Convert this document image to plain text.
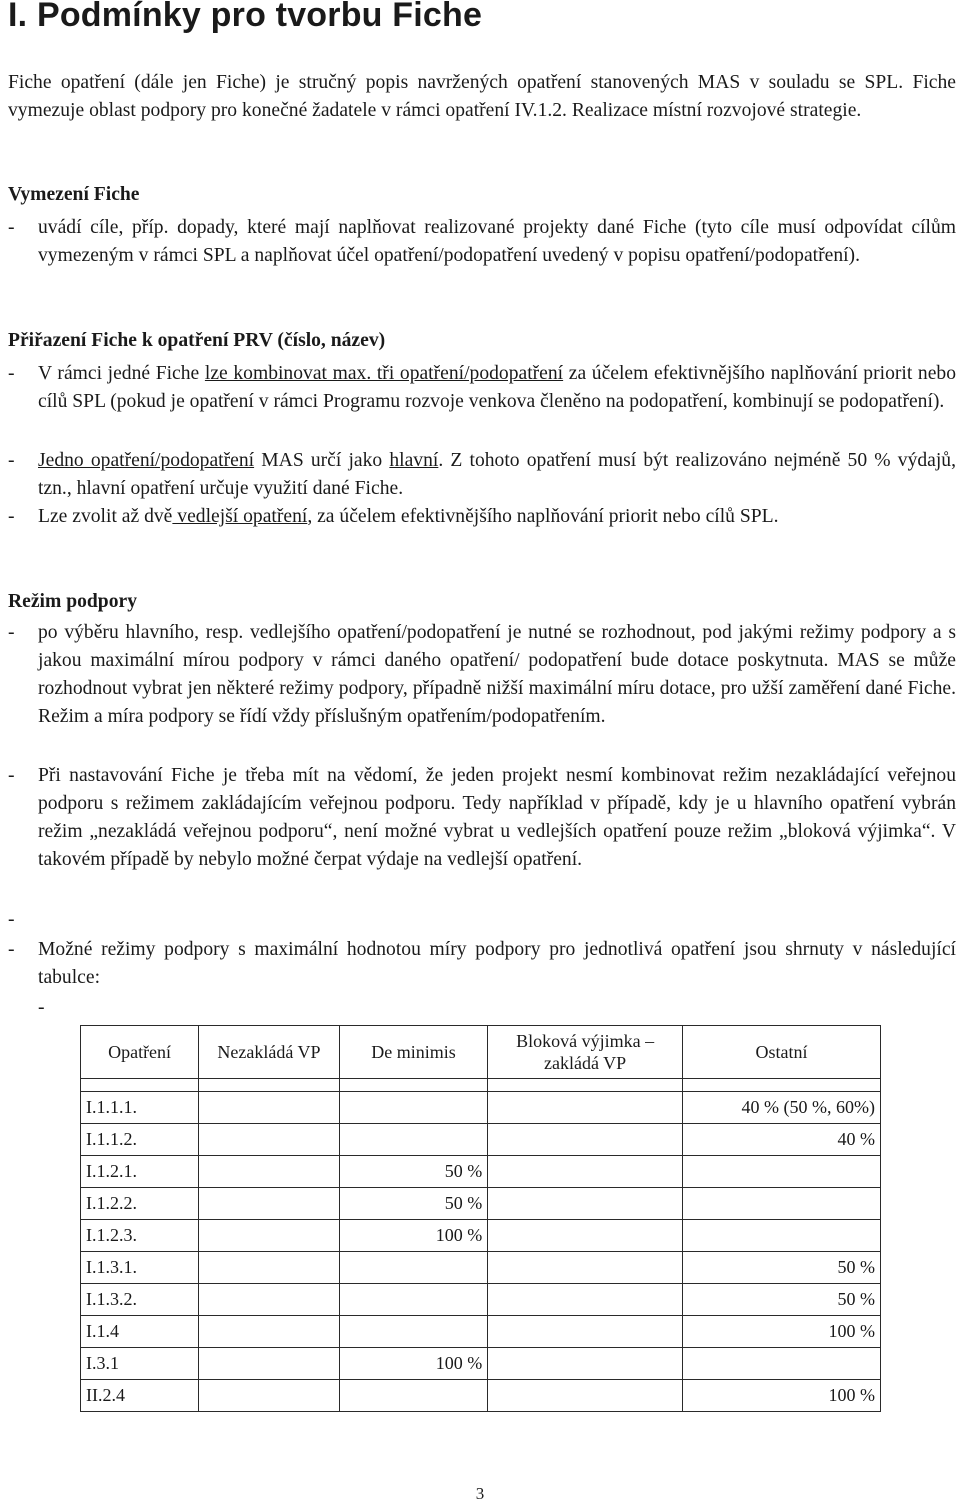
I. Podmínky pro tvorbu Fiche

Fiche opatření (dále jen Fiche) je stručný popis navržených opatření stanovených MAS v souladu se SPL. Fiche vymezuje oblast podpory pro konečné žadatele v rámci opatření IV.1.2. Realizace místní rozvojové strategie.

Vymezení Fiche
- uvádí cíle, příp. dopady, které mají naplňovat realizované projekty dané Fiche (tyto cíle musí odpovídat cílům vymezeným v rámci SPL a naplňovat účel opatření/podopatření uvedený v popisu opatření/podopatření).
Přiřazení Fiche k opatření PRV (číslo, název)
- V rámci jedné Fiche lze kombinovat max. tři opatření/podopatření za účelem efektivnějšího naplňování priorit nebo cílů SPL (pokud je opatření v rámci Programu rozvoje venkova členěno na podopatření, kombinují se podopatření).
- Jedno opatření/podopatření MAS určí jako hlavní. Z tohoto opatření musí být realizováno nejméně 50 % výdajů, tzn., hlavní opatření určuje využití dané Fiche.
- Lze zvolit až dvě vedlejší opatření, za účelem efektivnějšího naplňování priorit nebo cílů SPL.
Režim podpory
- po výběru hlavního, resp. vedlejšího opatření/podopatření je nutné se rozhodnout, pod jakými režimy podpory a s jakou maximální mírou podpory v rámci daného opatření/ podopatření bude dotace poskytnuta. MAS se může rozhodnout vybrat jen některé režimy podpory, případně nižší maximální míru dotace, pro užší zaměření dané Fiche. Režim a míra podpory se řídí vždy příslušným opatřením/podopatřením.
- Při nastavování Fiche je třeba mít na vědomí, že jeden projekt nesmí kombinovat režim nezakládající veřejnou podporu s režimem zakládajícím veřejnou podporu. Tedy například v případě, kdy je u hlavního opatření vybrán režim „nezakládá veřejnou podporu“, není možné vybrat u vedlejších opatření pouze režim „bloková výjimka“. V takovém případě by nebylo možné čerpat výdaje na vedlejší opatření.
-
- Možné režimy podpory s maximální hodnotou míry podpory pro jednotlivá opatření jsou shrnuty v následující tabulce:
-
Opatření	Nezakládá VP	De minimis	Bloková výjimka – zakládá VP	Ostatní

I.1.1.1.				40 % (50 %, 60%)
I.1.1.2.				40 %
I.1.2.1.		50 %		
I.1.2.2.		50 %		
I.1.2.3.		100 %		
I.1.3.1.				50 %
I.1.3.2.				50 %
I.1.4				100 %
I.3.1		100 %		
II.2.4				100 %
3
